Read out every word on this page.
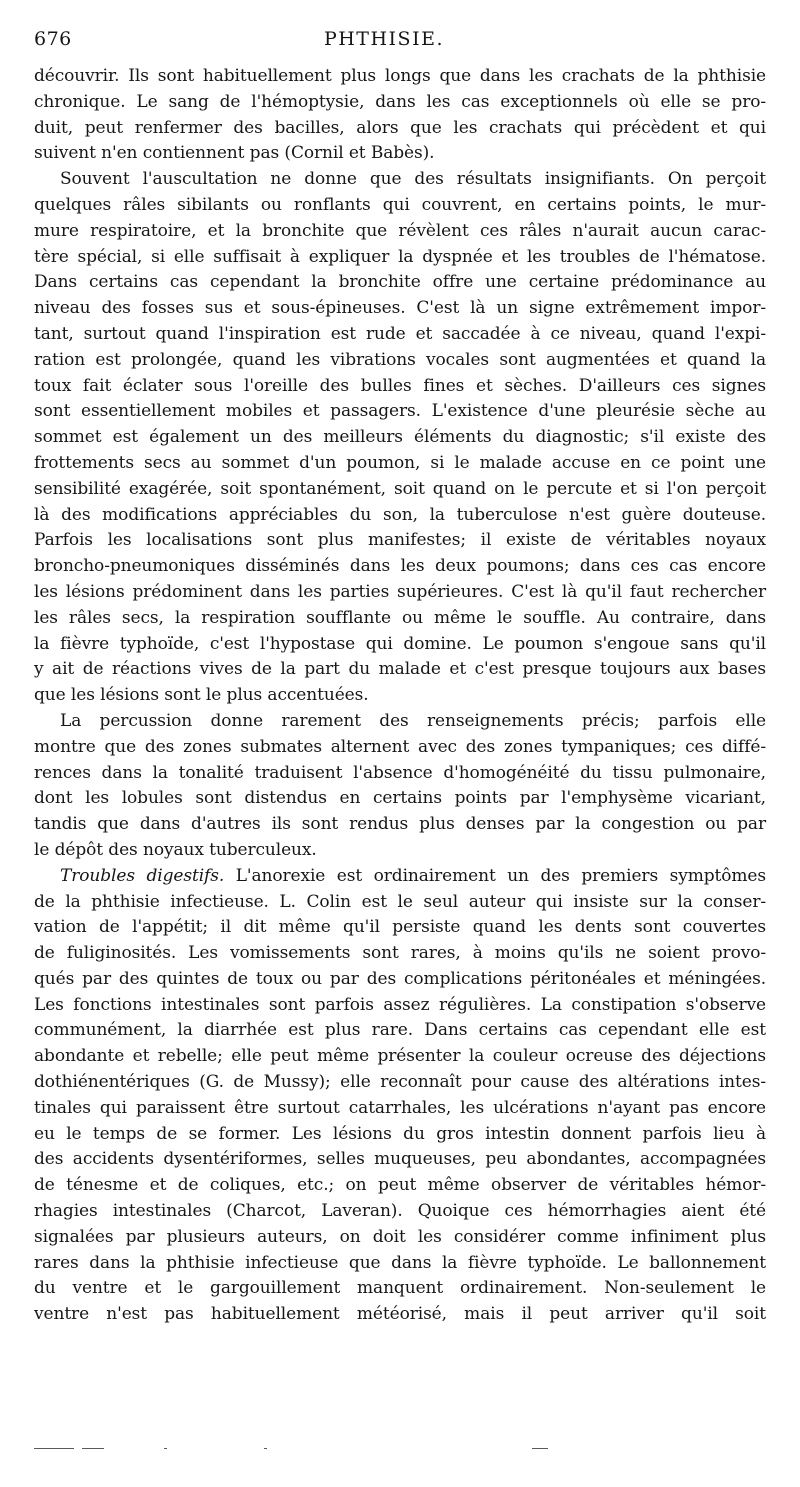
676	PHTHISIE.
découvrir. Ils sont habituellement plus longs que dans les crachats de la phthisie
chronique. Le sang de l'hémoptysie, dans les cas exceptionnels où elle se pro-
duit, peut renfermer des bacilles, alors que les crachats qui précèdent et qui
suivent n'en contiennent pas (Cornil et Babès).
Souvent l'auscultation ne donne que des résultats insignifiants. On perçoit
quelques râles sibilants ou ronflants qui couvrent, en certains points, le mur-
mure respiratoire, et la bronchite que révèlent ces râles n'aurait aucun carac-
tère spécial, si elle suffisait à expliquer la dyspnée et les troubles de l'hématose.
Dans certains cas cependant la bronchite offre une certaine prédominance au
niveau des fosses sus et sous-épineuses. C'est là un signe extrêmement impor-
tant, surtout quand l'inspiration est rude et saccadée à ce niveau, quand l'expi-
ration est prolongée, quand les vibrations vocales sont augmentées et quand la
toux fait éclater sous l'oreille des bulles fines et sèches. D'ailleurs ces signes
sont essentiellement mobiles et passagers. L'existence d'une pleurésie sèche au
sommet est également un des meilleurs éléments du diagnostic; s'il existe des
frottements secs au sommet d'un poumon, si le malade accuse en ce point une
sensibilité exagérée, soit spontanément, soit quand on le percute et si l'on perçoit
là des modifications appréciables du son, la tuberculose n'est guère douteuse.
Parfois les localisations sont plus manifestes; il existe de véritables noyaux
broncho-pneumoniques disséminés dans les deux poumons; dans ces cas encore
les lésions prédominent dans les parties supérieures. C'est là qu'il faut rechercher
les râles secs, la respiration soufflante ou même le souffle. Au contraire, dans
la fièvre typhoïde, c'est l'hypostase qui domine. Le poumon s'engoue sans qu'il
y ait de réactions vives de la part du malade et c'est presque toujours aux bases
que les lésions sont le plus accentuées.
La percussion donne rarement des renseignements précis; parfois elle
montre que des zones submates alternent avec des zones tympaniques; ces diffé-
rences dans la tonalité traduisent l'absence d'homogénéité du tissu pulmonaire,
dont les lobules sont distendus en certains points par l'emphysème vicariant,
tandis que dans d'autres ils sont rendus plus denses par la congestion ou par
le dépôt des noyaux tuberculeux.
Troubles digestifs. L'anorexie est ordinairement un des premiers symptômes
de la phthisie infectieuse. L. Colin est le seul auteur qui insiste sur la conser-
vation de l'appétit; il dit même qu'il persiste quand les dents sont couvertes
de fuliginosités. Les vomissements sont rares, à moins qu'ils ne soient provo-
qués par des quintes de toux ou par des complications péritonéales et méningées.
Les fonctions intestinales sont parfois assez régulières. La constipation s'observe
communément, la diarrhée est plus rare. Dans certains cas cependant elle est
abondante et rebelle; elle peut même présenter la couleur ocreuse des déjections
dothiénentériques (G. de Mussy); elle reconnaît pour cause des altérations intes-
tinales qui paraissent être surtout catarrhales, les ulcérations n'ayant pas encore
eu le temps de se former. Les lésions du gros intestin donnent parfois lieu à
des accidents dysentériformes, selles muqueuses, peu abondantes, accompagnées
de ténesme et de coliques, etc.; on peut même observer de véritables hémor-
rhagies intestinales (Charcot, Laveran). Quoique ces hémorrhagies aient été
signalées par plusieurs auteurs, on doit les considérer comme infiniment plus
rares dans la phthisie infectieuse que dans la fièvre typhoïde. Le ballonnement
du ventre et le gargouillement manquent ordinairement. Non-seulement le
ventre n'est pas habituellement météorisé, mais il peut arriver qu'il soit
